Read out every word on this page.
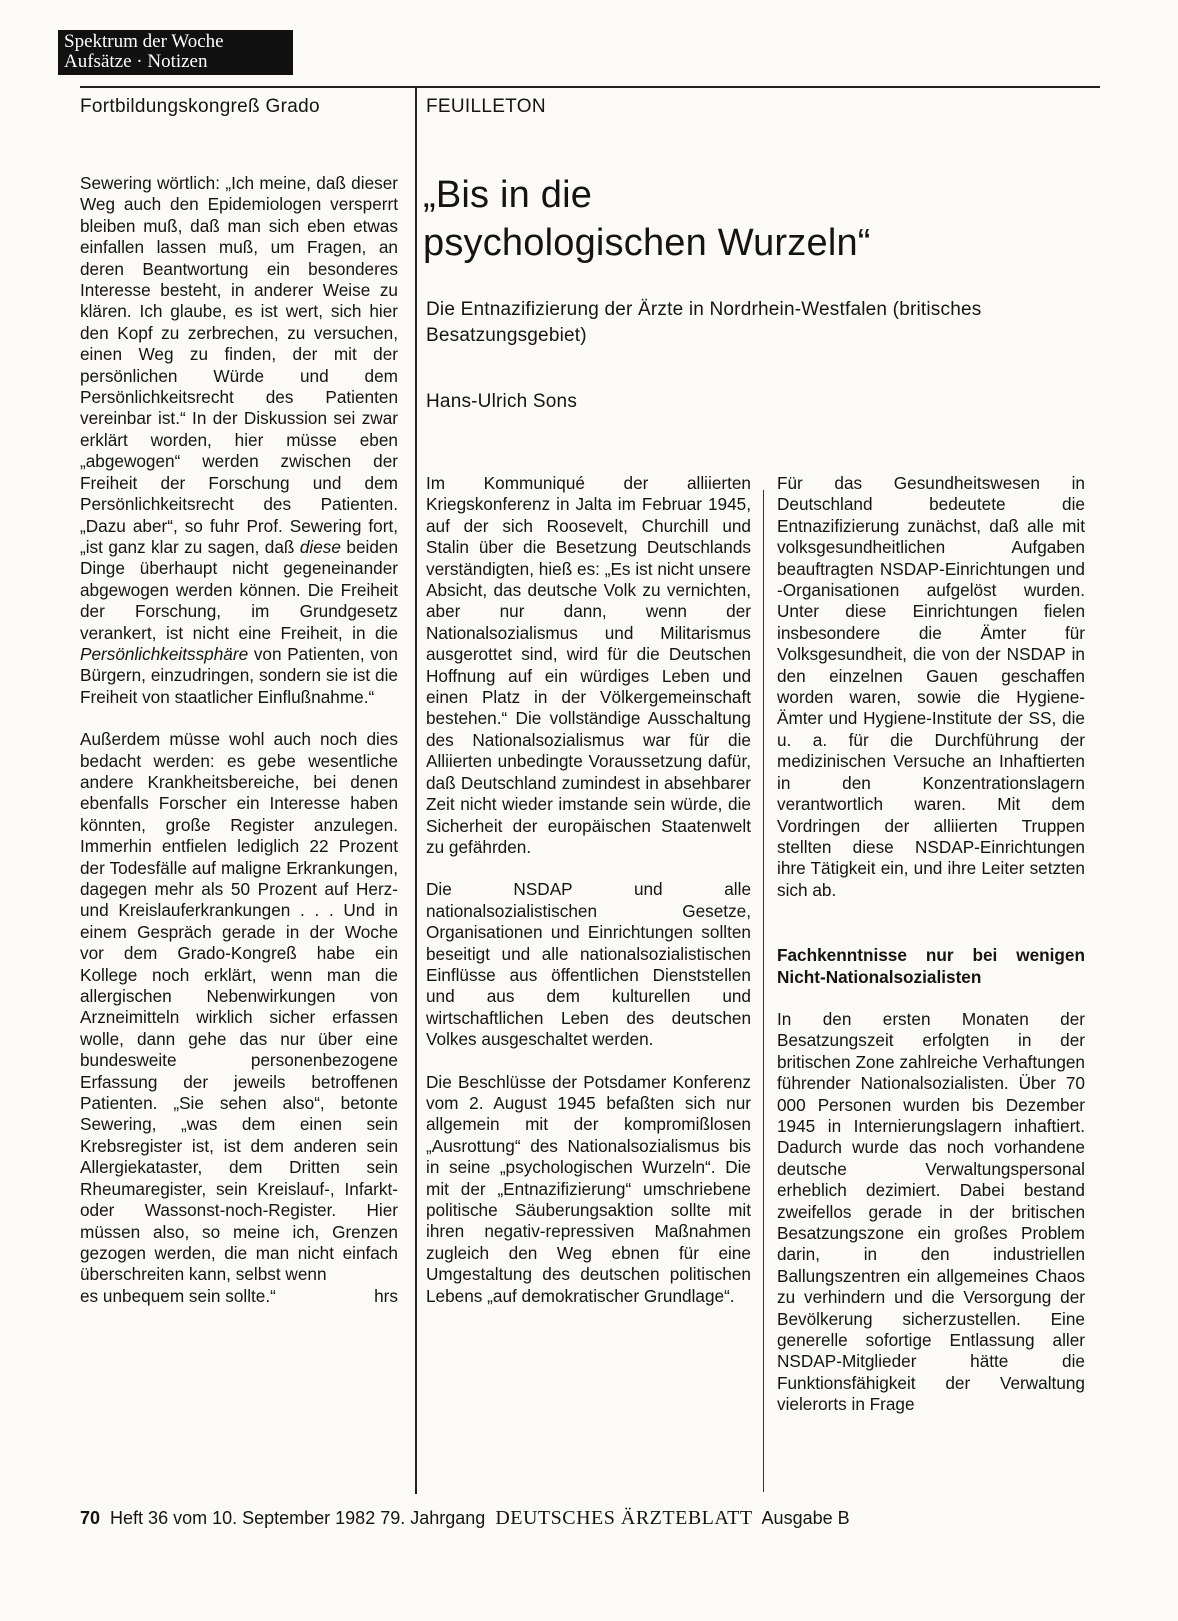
Spektrum der Woche
Aufsätze · Notizen
Fortbildungskongreß Grado	FEUILLETON
„Bis in die
psychologischen Wurzeln“
Die Entnazifizierung der Ärzte in Nordrhein-Westfalen (britisches Besatzungsgebiet)
Hans-Ulrich Sons

Sewering wörtlich: „Ich meine, daß dieser Weg auch den Epidemiologen versperrt bleiben muß, daß man sich eben etwas einfallen lassen muß, um Fragen, an deren Beantwortung ein besonderes Interesse besteht, in anderer Weise zu klären. Ich glaube, es ist wert, sich hier den Kopf zu zerbrechen, zu versuchen, einen Weg zu finden, der mit der persönlichen Würde und dem Persönlichkeitsrecht des Patienten vereinbar ist.“ In der Diskussion sei zwar erklärt worden, hier müsse eben „abgewogen“ werden zwischen der Freiheit der Forschung und dem Persönlichkeitsrecht des Patienten. „Dazu aber“, so fuhr Prof. Sewering fort, „ist ganz klar zu sagen, daß diese beiden Dinge überhaupt nicht gegeneinander abgewogen werden können. Die Freiheit der Forschung, im Grundgesetz verankert, ist nicht eine Freiheit, in die Persönlichkeitssphäre von Patienten, von Bürgern, einzudringen, sondern sie ist die Freiheit von staatlicher Einflußnahme.“

Außerdem müsse wohl auch noch dies bedacht werden: es gebe wesentliche andere Krankheitsbereiche, bei denen ebenfalls Forscher ein Interesse haben könnten, große Register anzulegen. Immerhin entfielen lediglich 22 Prozent der Todesfälle auf maligne Erkrankungen, dagegen mehr als 50 Prozent auf Herz- und Kreislauferkrankungen . . . Und in einem Gespräch gerade in der Woche vor dem Grado-Kongreß habe ein Kollege noch erklärt, wenn man die allergischen Nebenwirkungen von Arzneimitteln wirklich sicher erfassen wolle, dann gehe das nur über eine bundesweite personenbezogene Erfassung der jeweils betroffenen Patienten. „Sie sehen also“, betonte Sewering, „was dem einen sein Krebsregister ist, ist dem anderen sein Allergiekataster, dem Dritten sein Rheumaregister, sein Kreislauf-, Infarkt- oder Wassonst-noch-Register. Hier müssen also, so meine ich, Grenzen gezogen werden, die man nicht einfach überschreiten kann, selbst wenn

es unbequem sein sollte.“	hrs

Im Kommuniqué der alliierten Kriegskonferenz in Jalta im Februar 1945, auf der sich Roosevelt, Churchill und Stalin über die Besetzung Deutschlands verständigten, hieß es: „Es ist nicht unsere Absicht, das deutsche Volk zu vernichten, aber nur dann, wenn der Nationalsozialismus und Militarismus ausgerottet sind, wird für die Deutschen Hoffnung auf ein würdiges Leben und einen Platz in der Völkergemeinschaft bestehen.“ Die vollständige Ausschaltung des Nationalsozialismus war für die Alliierten unbedingte Voraussetzung dafür, daß Deutschland zumindest in absehbarer Zeit nicht wieder imstande sein würde, die Sicherheit der europäischen Staatenwelt zu gefährden.

Die NSDAP und alle nationalsozialistischen Gesetze, Organisationen und Einrichtungen sollten beseitigt und alle nationalsozialistischen Einflüsse aus öffentlichen Dienststellen und aus dem kulturellen und wirtschaftlichen Leben des deutschen Volkes ausgeschaltet werden.

Die Beschlüsse der Potsdamer Konferenz vom 2. August 1945 befaßten sich nur allgemein mit der kompromißlosen „Ausrottung“ des Nationalsozialismus bis in seine „psychologischen Wurzeln“. Die mit der „Entnazifizierung“ umschriebene politische Säuberungsaktion sollte mit ihren negativ-repressiven Maßnahmen zugleich den Weg ebnen für eine Umgestaltung des deutschen politischen Lebens „auf demokratischer Grundlage“.

Für das Gesundheitswesen in Deutschland bedeutete die Entnazifizierung zunächst, daß alle mit volksgesundheitlichen Aufgaben beauftragten NSDAP-Einrichtungen und -Organisationen aufgelöst wurden. Unter diese Einrichtungen fielen insbesondere die Ämter für Volksgesundheit, die von der NSDAP in den einzelnen Gauen geschaffen worden waren, sowie die Hygiene-Ämter und Hygiene-Institute der SS, die u. a. für die Durchführung der medizinischen Versuche an Inhaftierten in den Konzentrationslagern verantwortlich waren. Mit dem Vordringen der alliierten Truppen stellten diese NSDAP-Einrichtungen ihre Tätigkeit ein, und ihre Leiter setzten sich ab.

Fachkenntnisse nur bei wenigen Nicht-Nationalsozialisten

In den ersten Monaten der Besatzungszeit erfolgten in der britischen Zone zahlreiche Verhaftungen führender Nationalsozialisten. Über 70 000 Personen wurden bis Dezember 1945 in Internierungslagern inhaftiert. Dadurch wurde das noch vorhandene deutsche Verwaltungspersonal erheblich dezimiert. Dabei bestand zweifellos gerade in der britischen Besatzungszone ein großes Problem darin, in den industriellen Ballungszentren ein allgemeines Chaos zu verhindern und die Versorgung der Bevölkerung sicherzustellen. Eine generelle sofortige Entlassung aller NSDAP-Mitglieder hätte die Funktionsfähigkeit der Verwaltung vielerorts in Frage

70 Heft 36 vom 10. September 1982 79. Jahrgang DEUTSCHES ÄRZTEBLATT Ausgabe B
